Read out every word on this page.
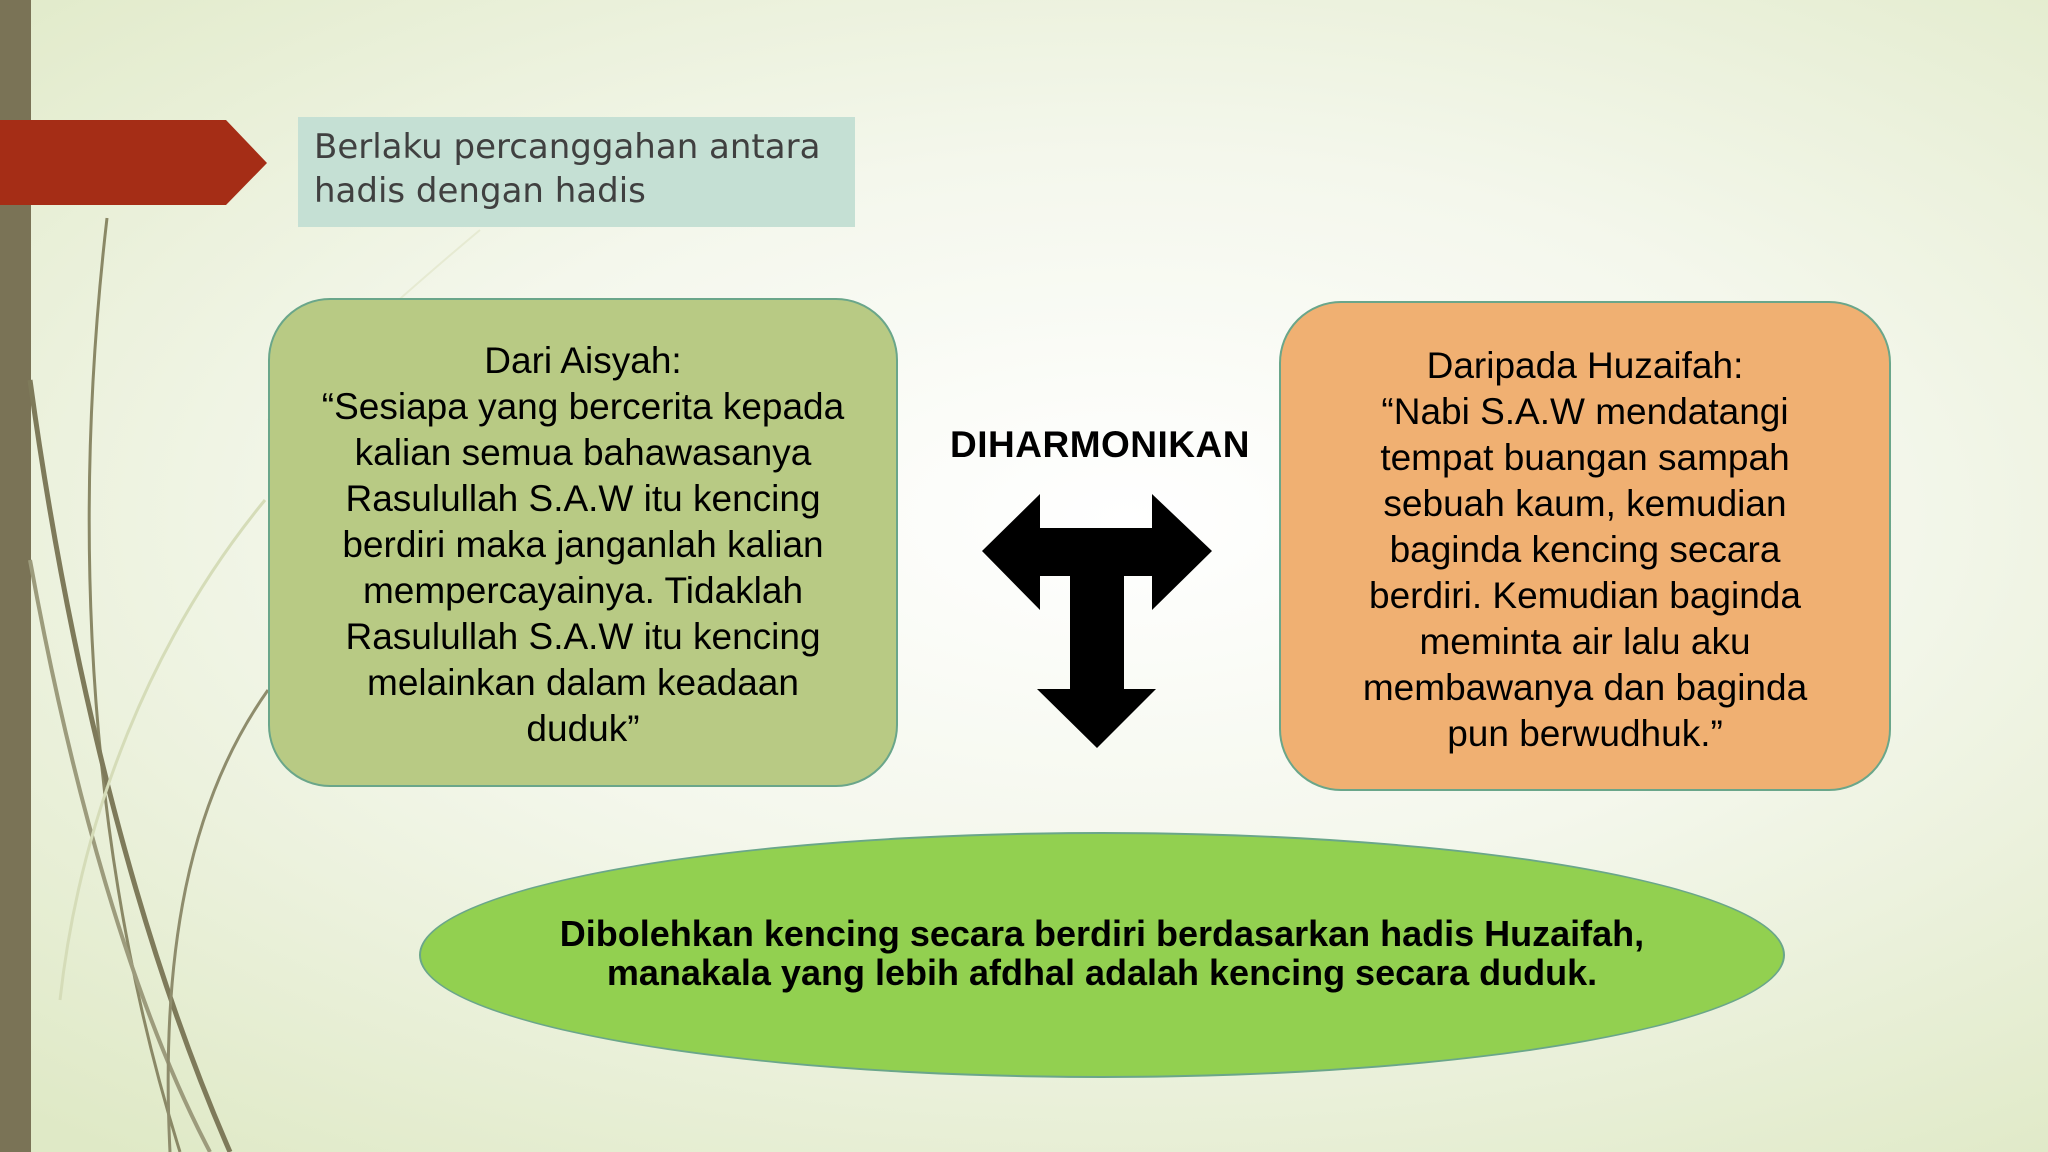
Berlaku percanggahan antara
hadis dengan hadis
Dari Aisyah:
“Sesiapa yang bercerita kepada
kalian semua bahawasanya
Rasulullah S.A.W itu kencing
berdiri maka janganlah kalian
mempercayainya. Tidaklah
Rasulullah S.A.W itu kencing
melainkan dalam keadaan
duduk”
DIHARMONIKAN
Daripada Huzaifah:
“Nabi S.A.W mendatangi
tempat buangan sampah
sebuah kaum, kemudian
baginda kencing secara
berdiri. Kemudian baginda
meminta air lalu aku
membawanya dan baginda
pun berwudhuk.”
Dibolehkan kencing secara berdiri berdasarkan hadis Huzaifah,
manakala yang lebih afdhal adalah kencing secara duduk.
